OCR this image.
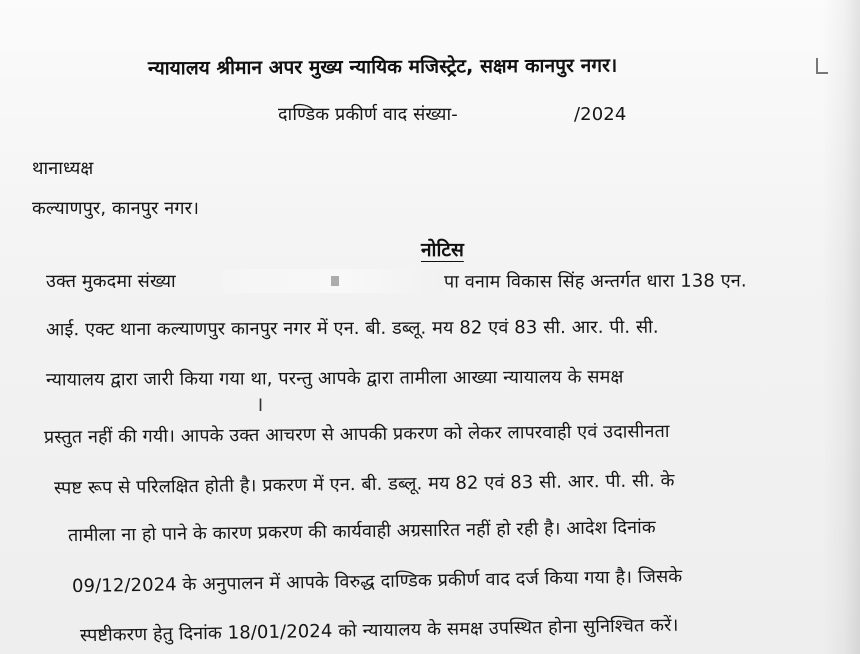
न्यायालय श्रीमान अपर मुख्य न्यायिक मजिस्ट्रेट, सक्षम कानपुर नगर।
दाण्डिक प्रकीर्ण वाद संख्या-	/2024
थानाध्यक्ष
कल्याणपुर, कानपुर नगर।
नोटिस
उक्त मुकदमा संख्या	पा वनाम विकास सिंह अन्तर्गत धारा 138 एन.
आई. एक्ट थाना कल्याणपुर कानपुर नगर में एन. बी. डब्लू. मय 82 एवं 83 सी. आर. पी. सी.
न्यायालय द्वारा जारी किया गया था, परन्तु आपके द्वारा तामीला आख्या न्यायालय के समक्ष
I
प्रस्तुत नहीं की गयी। आपके उक्त आचरण से आपकी प्रकरण को लेकर लापरवाही एवं उदासीनता
स्पष्ट रूप से परिलक्षित होती है। प्रकरण में एन. बी. डब्लू. मय 82 एवं 83 सी. आर. पी. सी. के
तामीला ना हो पाने के कारण प्रकरण की कार्यवाही अग्रसारित नहीं हो रही है। आदेश दिनांक
09/12/2024 के अनुपालन में आपके विरुद्ध दाण्डिक प्रकीर्ण वाद दर्ज किया गया है। जिसके
स्पष्टीकरण हेतु दिनांक 18/01/2024 को न्यायालय के समक्ष उपस्थित होना सुनिश्चित करें।
